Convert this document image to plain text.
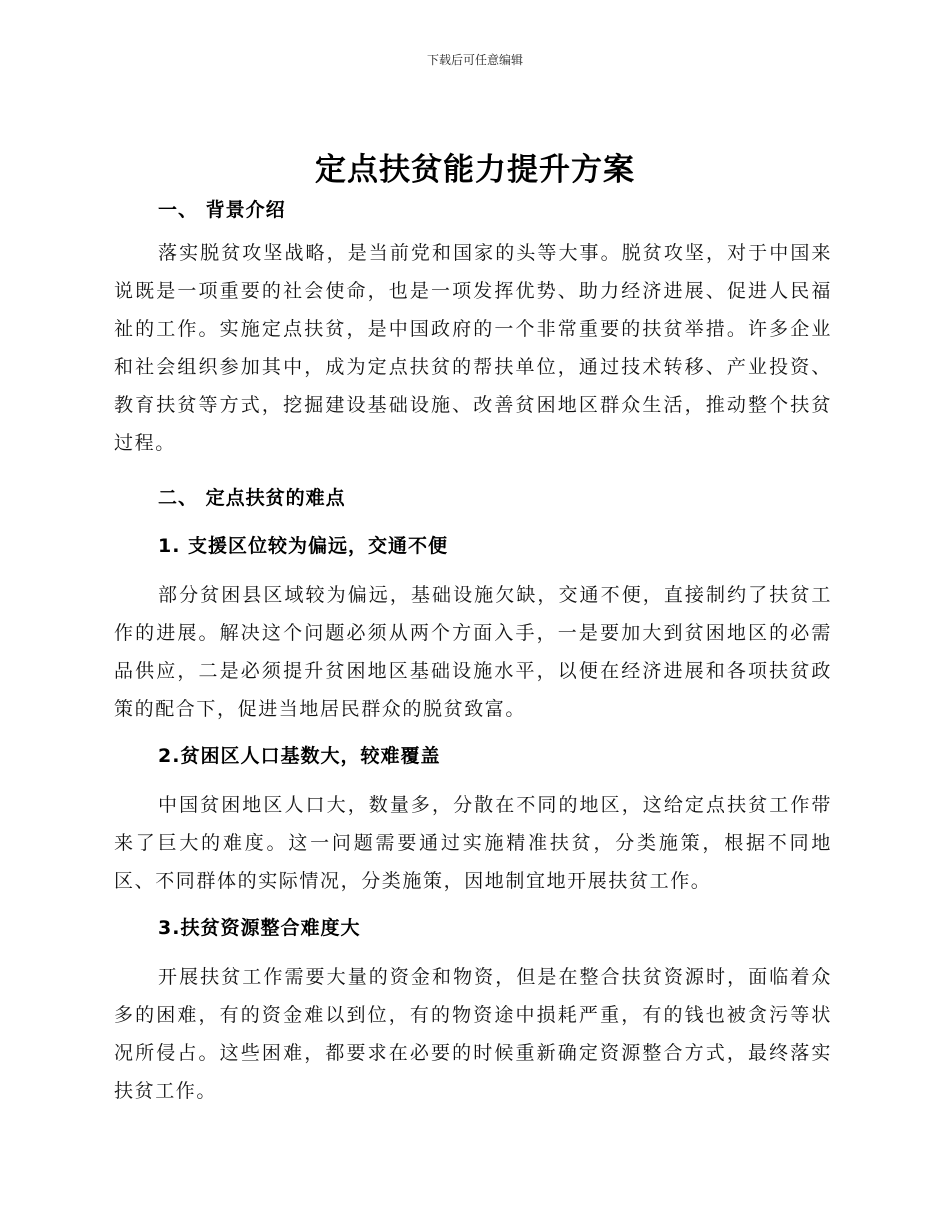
下载后可任意编辑
定点扶贫能力提升方案
一、 背景介绍

落实脱贫攻坚战略，是当前党和国家的头等大事。脱贫攻坚，对于中国来说既是一项重要的社会使命，也是一项发挥优势、助力经济进展、促进人民福祉的工作。实施定点扶贫，是中国政府的一个非常重要的扶贫举措。许多企业和社会组织参加其中，成为定点扶贫的帮扶单位，通过技术转移、产业投资、教育扶贫等方式，挖掘建设基础设施、改善贫困地区群众生活，推动整个扶贫过程。

二、 定点扶贫的难点
1. 支援区位较为偏远，交通不便

部分贫困县区域较为偏远，基础设施欠缺，交通不便，直接制约了扶贫工作的进展。解决这个问题必须从两个方面入手，一是要加大到贫困地区的必需品供应，二是必须提升贫困地区基础设施水平，以便在经济进展和各项扶贫政策的配合下，促进当地居民群众的脱贫致富。

2.贫困区人口基数大，较难覆盖

中国贫困地区人口大，数量多，分散在不同的地区，这给定点扶贫工作带来了巨大的难度。这一问题需要通过实施精准扶贫，分类施策，根据不同地区、不同群体的实际情况，分类施策，因地制宜地开展扶贫工作。

3.扶贫资源整合难度大

开展扶贫工作需要大量的资金和物资，但是在整合扶贫资源时，面临着众多的困难，有的资金难以到位，有的物资途中损耗严重，有的钱也被贪污等状况所侵占。这些困难，都要求在必要的时候重新确定资源整合方式，最终落实扶贫工作。
